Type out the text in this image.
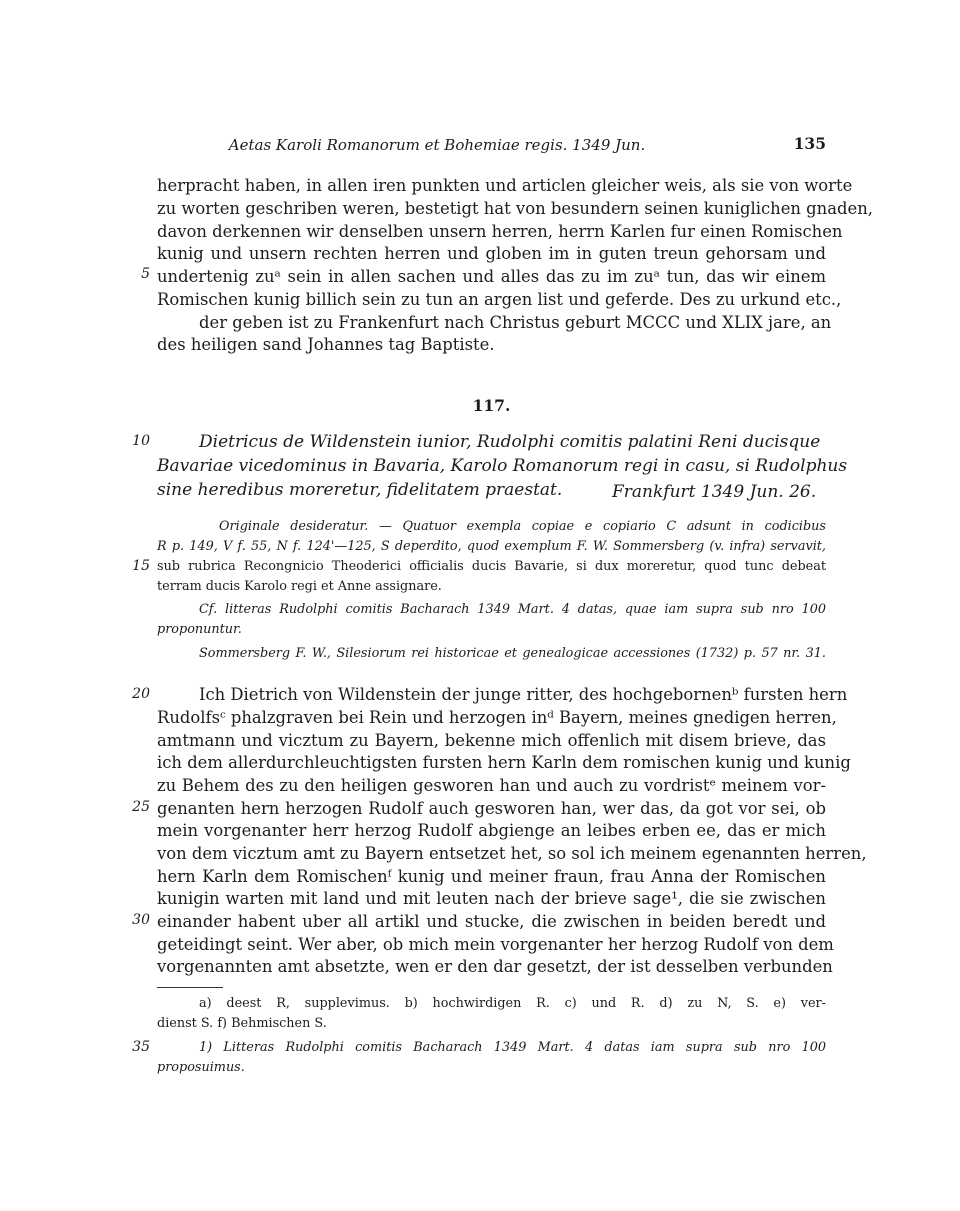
Aetas Karoli Romanorum et Bohemiae regis. 1349 Jun.	135
herpracht haben, in allen iren punkten und articlen gleicher weis, als sie von worte
zu worten geschriben weren, bestetigt hat von besundern seinen kuniglichen gnaden,
davon derkennen wir denselben unsern herren, herrn Karlen fur einen Romischen
kunig und unsern rechten herren und globen im in guten treun gehorsam und
5 undertenig zuᵃ sein in allen sachen und alles das zu im zuᵃ tun, das wir einem
Romischen kunig billich sein zu tun an argen list und geferde. Des zu urkund etc.,
der geben ist zu Frankenfurt nach Christus geburt MCCC und XLIX jare, an
des heiligen sand Johannes tag Baptiste.
117.
10	Dietricus de Wildenstein iunior, Rudolphi comitis palatini Reni ducisque
Bavariae vicedominus in Bavaria, Karolo Romanorum regi in casu, si Rudolphus
sine heredibus moreretur, fidelitatem praestat.	Frankfurt 1349 Jun. 26.
Originale desideratur. — Quatuor exempla copiae e copiario C adsunt in codicibus
R p. 149, V f. 55, N f. 124'—125, S deperdito, quod exemplum F. W. Sommersberg (v. infra) servavit,
15 sub rubrica Recongnicio Theoderici officialis ducis Bavarie, si dux moreretur, quod tunc debeat
terram ducis Karolo regi et Anne assignare.
Cf. litteras Rudolphi comitis Bacharach 1349 Mart. 4 datas, quae iam supra sub nro 100
proponuntur.
Sommersberg F. W., Silesiorum rei historicae et genealogicae accessiones (1732) p. 57 nr. 31.
20	Ich Dietrich von Wildenstein der junge ritter, des hochgebornenᵇ fursten hern
Rudolfsᶜ phalzgraven bei Rein und herzogen inᵈ Bayern, meines gnedigen herren,
amtmann und vicztum zu Bayern, bekenne mich offenlich mit disem brieve, das
ich dem allerdurchleuchtigsten fursten hern Karln dem romischen kunig und kunig
zu Behem des zu den heiligen gesworen han und auch zu vordristᵉ meinem vor-
25 genanten hern herzogen Rudolf auch gesworen han, wer das, da got vor sei, ob
mein vorgenanter herr herzog Rudolf abgienge an leibes erben ee, das er mich
von dem vicztum amt zu Bayern entsetzet het, so sol ich meinem egenannten herren,
hern Karln dem Romischenᶠ kunig und meiner fraun, frau Anna der Romischen
kunigin warten mit land und mit leuten nach der brieve sage¹, die sie zwischen
30 einander habent uber all artikl und stucke, die zwischen in beiden beredt und
geteidingt seint. Wer aber, ob mich mein vorgenanter her herzog Rudolf von dem
vorgenannten amt absetzte, wen er den dar gesetzt, der ist desselben verbunden
a) deest R, supplevimus. b) hochwirdigen R. c) und R. d) zu N, S. e) ver-
dienst S. f) Behmischen S.
35	1) Litteras Rudolphi comitis Bacharach 1349 Mart. 4 datas iam supra sub nro 100
proposuimus.
